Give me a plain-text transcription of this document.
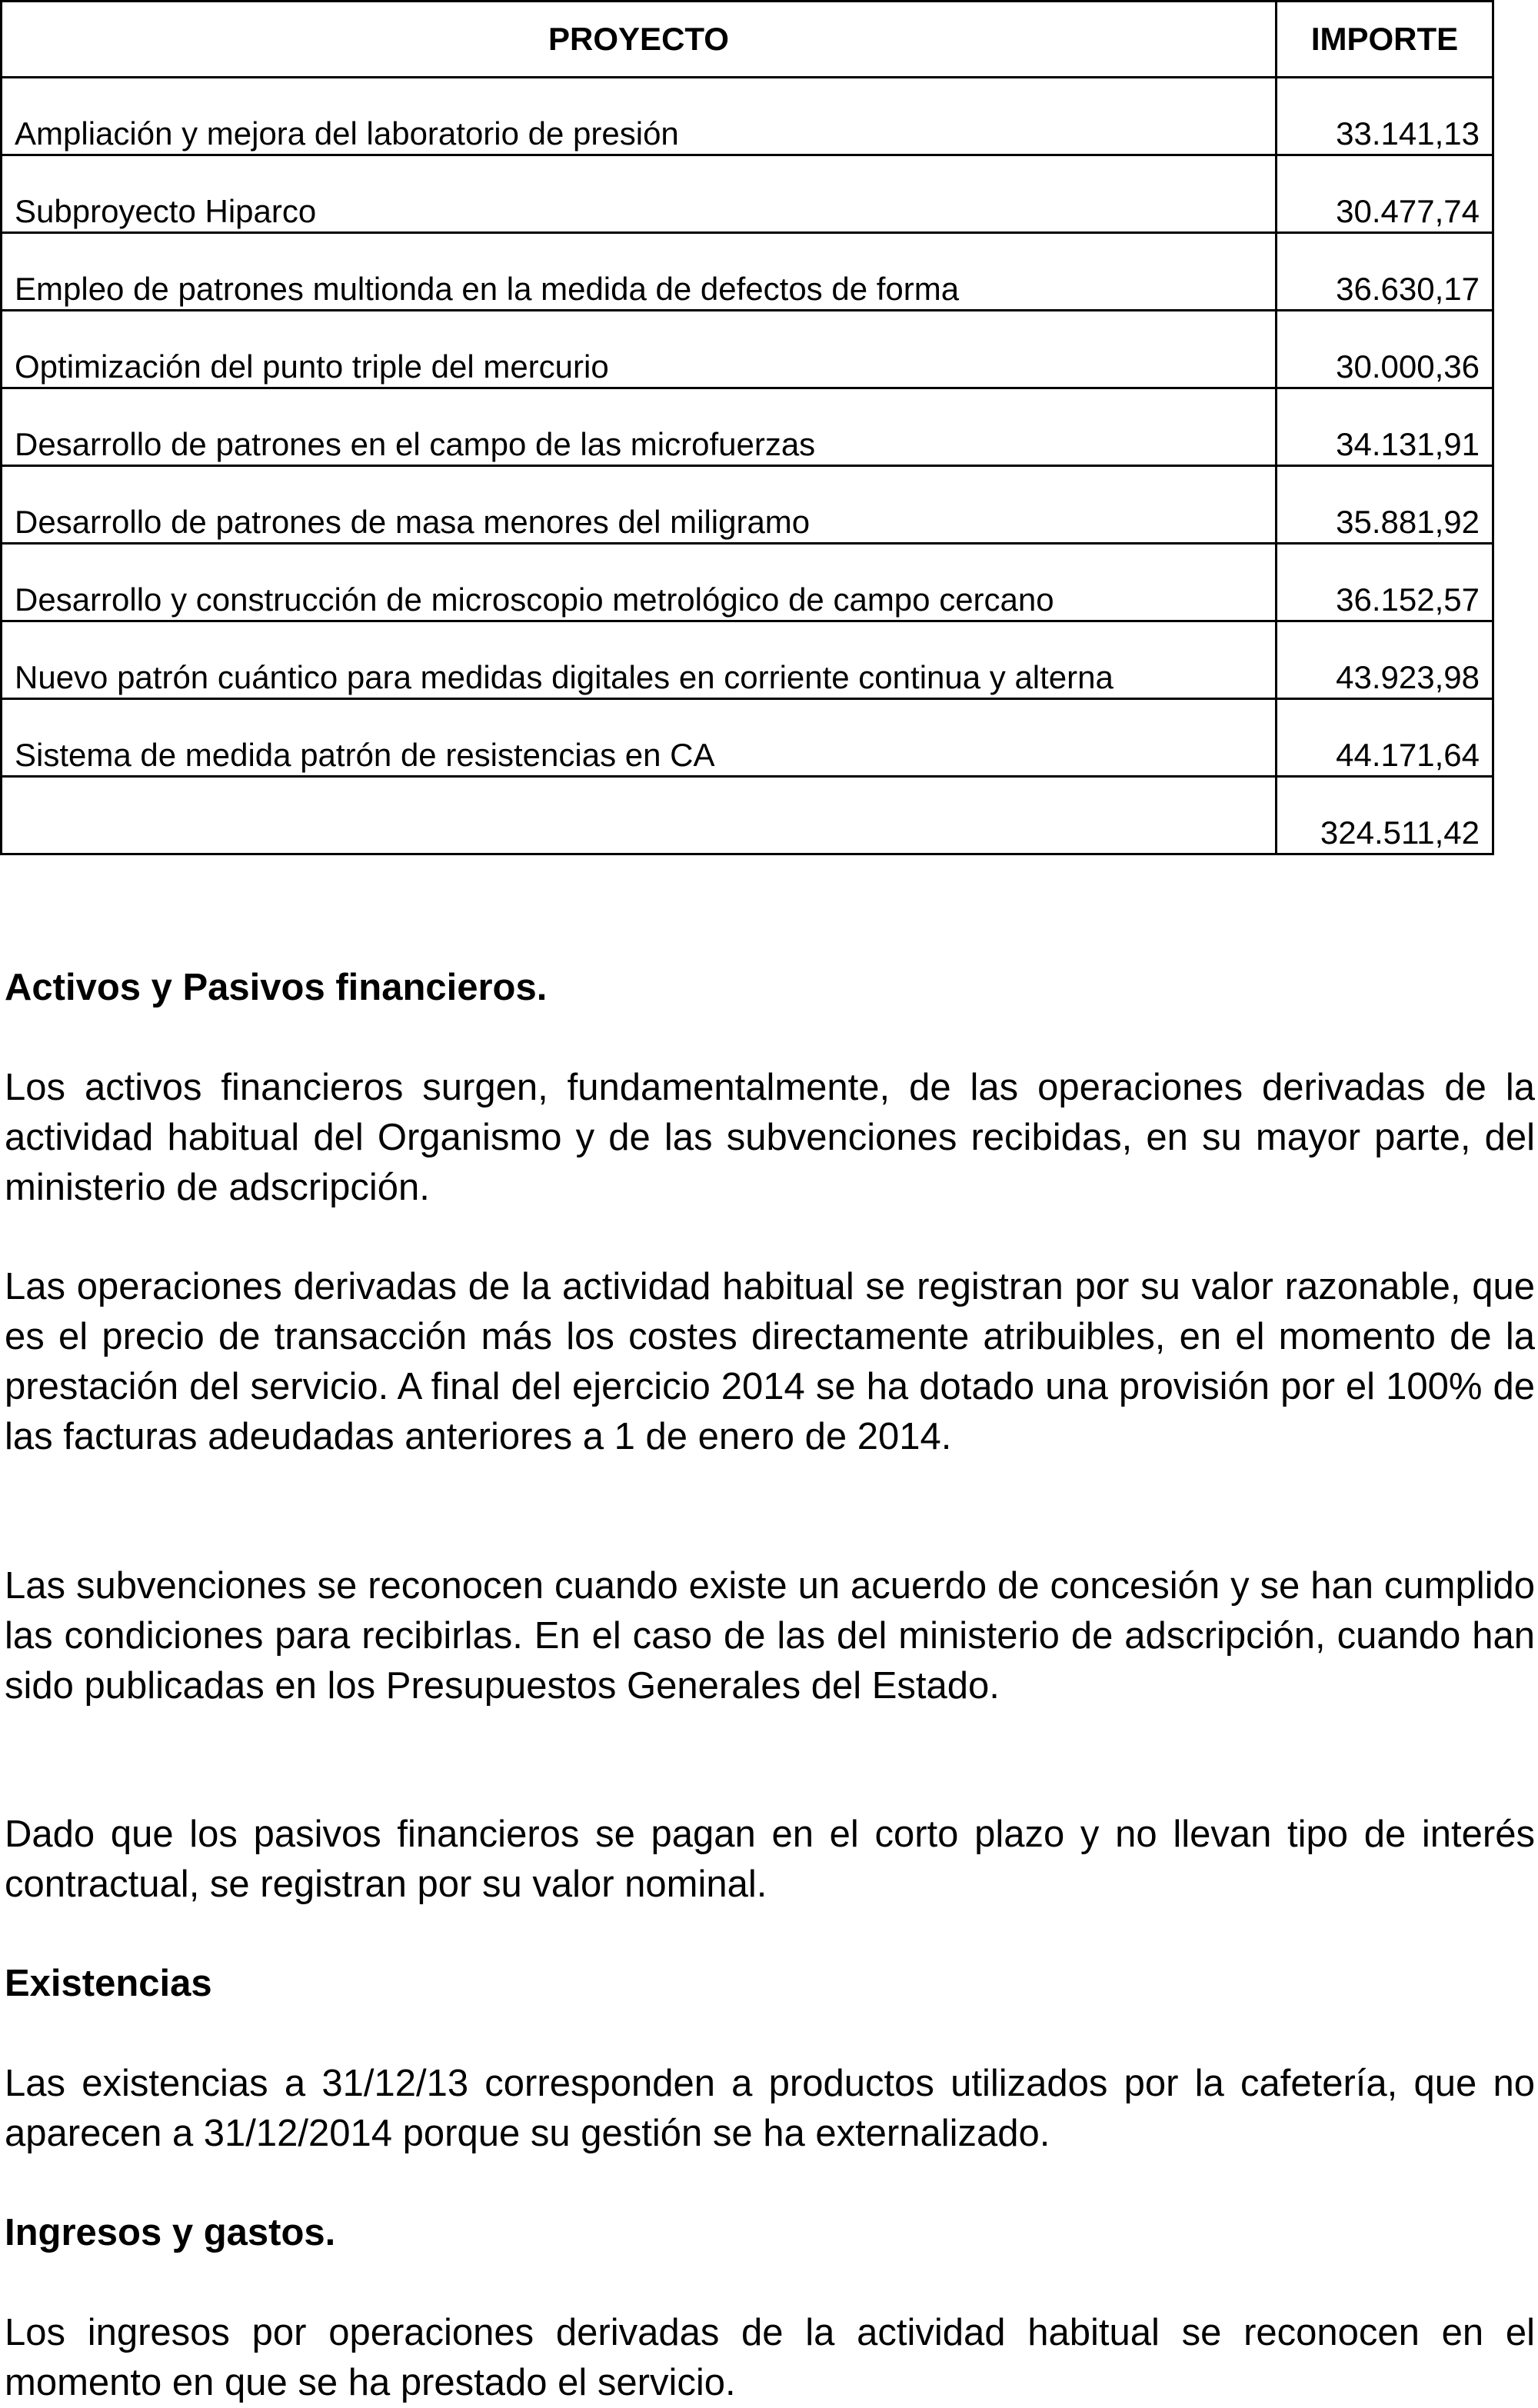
PROYECTO	IMPORTE
Ampliación y mejora del laboratorio de presión	33.141,13
Subproyecto Hiparco	30.477,74
Empleo de patrones multionda en la medida de defectos de forma	36.630,17
Optimización del punto triple del mercurio	30.000,36
Desarrollo de patrones en el campo de las microfuerzas	34.131,91
Desarrollo de patrones de masa menores del miligramo	35.881,92
Desarrollo y construcción de microscopio metrológico de campo cercano	36.152,57
Nuevo patrón cuántico para medidas digitales en corriente continua y alterna	43.923,98
Sistema de medida patrón de resistencias en CA	44.171,64
	324.511,42
Activos y Pasivos financieros.
Los activos financieros surgen, fundamentalmente, de las operaciones derivadas de la actividad habitual del Organismo y de las subvenciones recibidas, en su mayor parte, del ministerio de adscripción.
Las operaciones derivadas de la actividad habitual se registran por su valor razonable, que es el precio de transacción más los costes directamente atribuibles, en el momento de la prestación del servicio. A final del ejercicio 2014 se ha dotado una provisión por el 100% de las facturas adeudadas anteriores a 1 de enero de 2014.
Las subvenciones se reconocen cuando existe un acuerdo de concesión y se han cumplido las condiciones para recibirlas. En el caso de las del ministerio de adscripción, cuando han sido publicadas en los Presupuestos Generales del Estado.
Dado que los pasivos financieros se pagan en el corto plazo y no llevan tipo de interés contractual, se registran por su valor nominal.
Existencias
Las existencias a 31/12/13 corresponden a productos utilizados por la cafetería, que no aparecen a 31/12/2014 porque su gestión se ha externalizado.
Ingresos y gastos.
Los ingresos por operaciones derivadas de la actividad habitual se reconocen en el momento en que se ha prestado el servicio.
